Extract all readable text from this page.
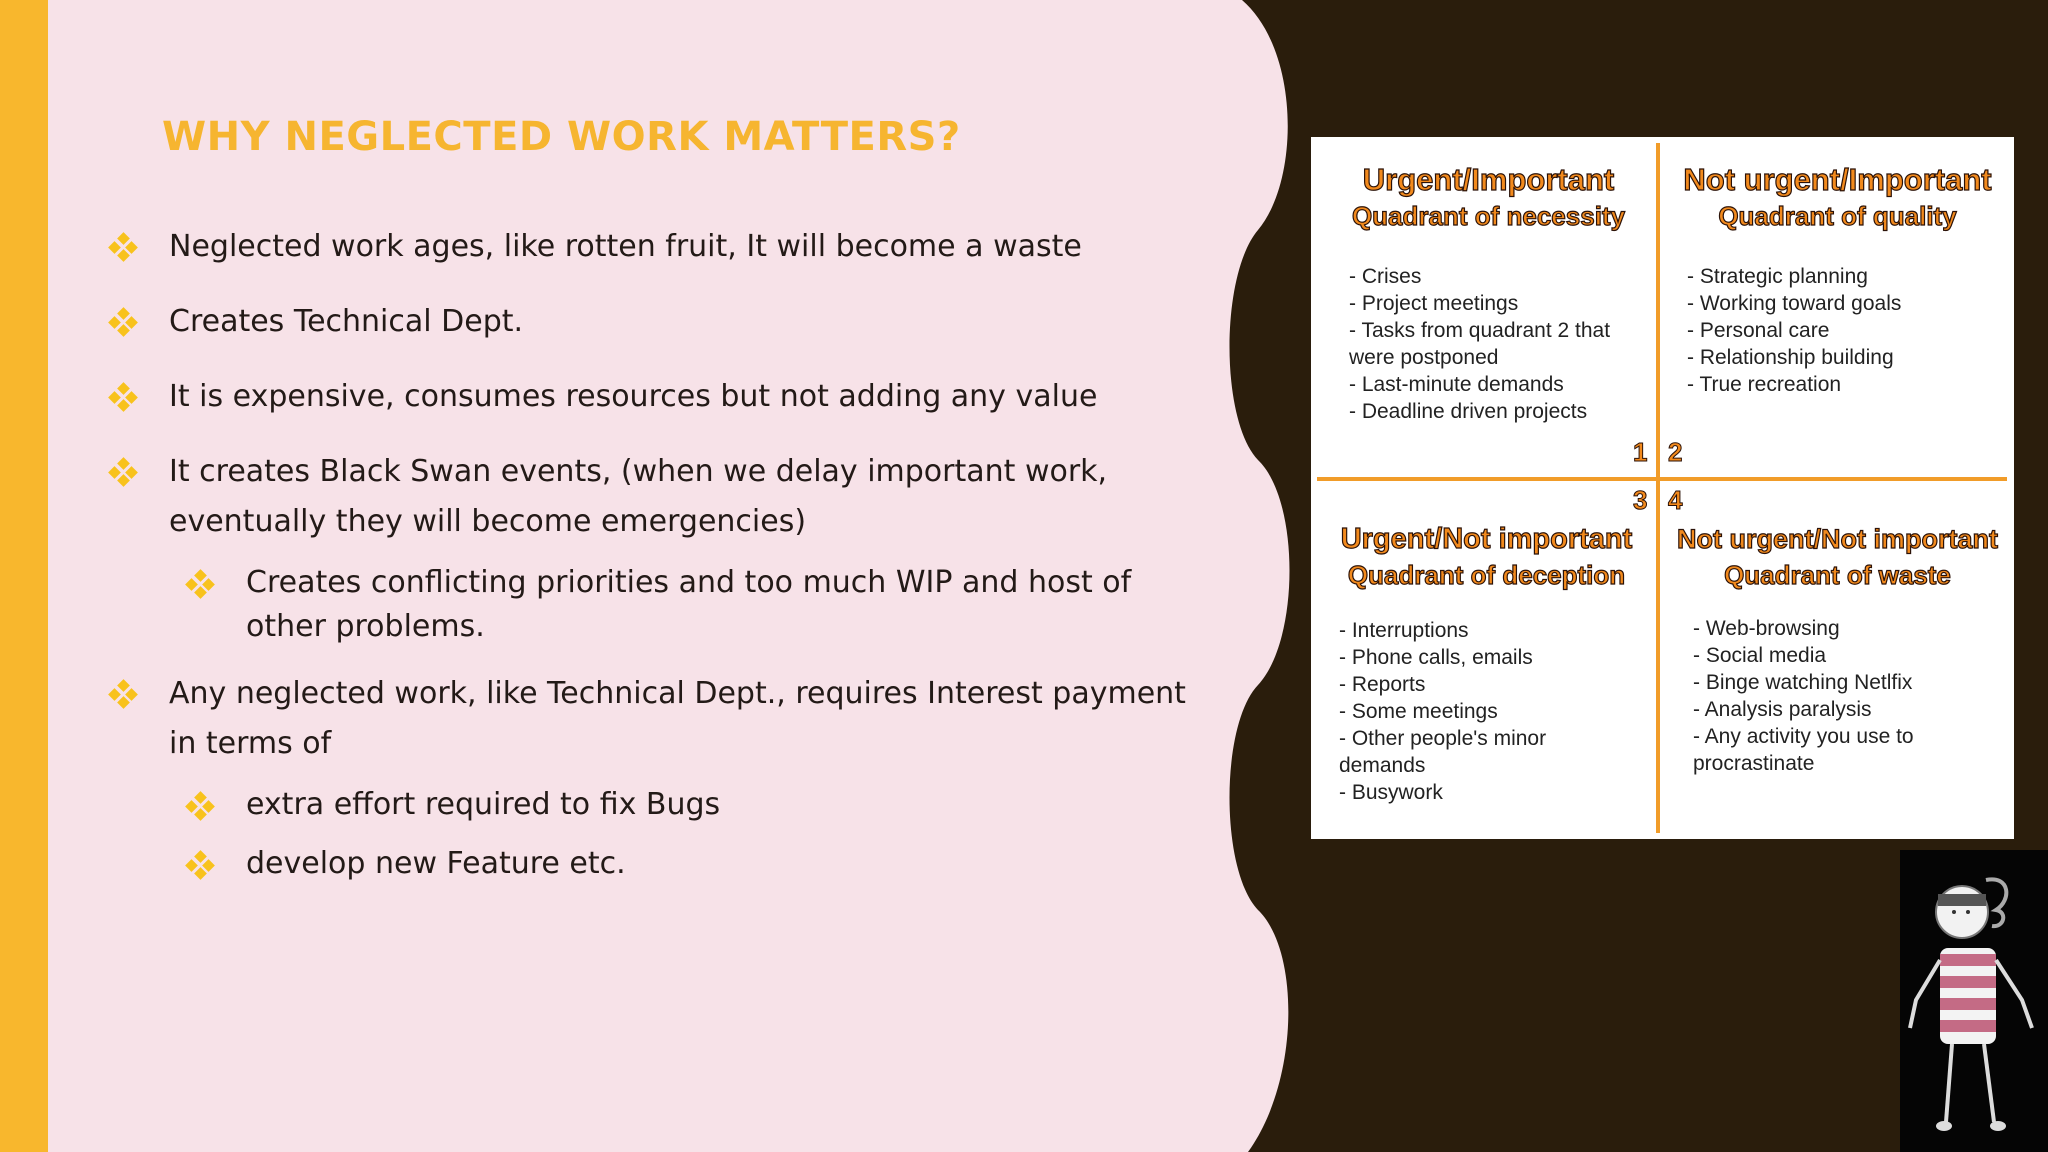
WHY NEGLECTED WORK MATTERS?
Neglected work ages, like rotten fruit, It will become a waste
Creates Technical Dept.
It is expensive, consumes resources but not adding any value
It creates Black Swan events, (when we delay important work, eventually they will become emergencies)
Creates conflicting priorities and too much WIP and host of other problems.
Any neglected work, like Technical Dept., requires Interest payment in terms of
extra effort required to fix Bugs
develop new Feature etc.
Urgent/Important
Quadrant of necessity
- Crises
- Project meetings
- Tasks from quadrant 2 that
were postponed
- Last-minute demands
- Deadline driven projects
Not urgent/Important
Quadrant of quality
- Strategic planning
- Working toward goals
- Personal care
- Relationship building
- True recreation
1 2
3 4
Urgent/Not important
Quadrant of deception
- Interruptions
- Phone calls, emails
- Reports
- Some meetings
- Other people's minor
demands
- Busywork
Not urgent/Not important
Quadrant of waste
- Web-browsing
- Social media
- Binge watching Netlfix
- Analysis paralysis
- Any activity you use to
procrastinate
